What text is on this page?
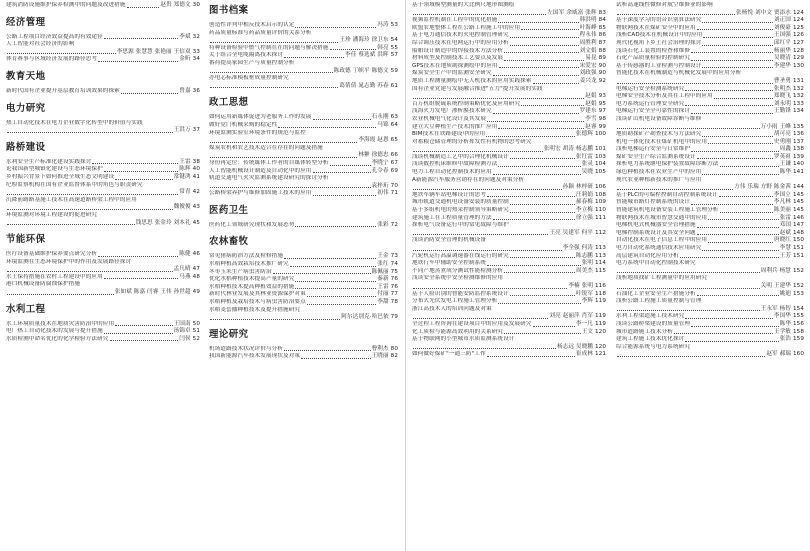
建筑消防设施维护保养检测中的问题及改进措施	赵贵 郑德文 30
经济管理
公路工程项目经济效益提高的有效途径	李斌 32
人工智能对社会经济的影响
李思源 张慧慧 张艳丽 王信双 33
体育赛事与区域经济发展的路径思考	金昕 34
教育天地
新时代国有企业提升基层教育培训效果的探索	曾嘉 36
电力研究
热工自动化技术在电力企业数字化转型中的价值与实践
王洪万 37
路桥建设
水利安全生产标准化建设实践探讨	王雷 38
论我国新型城镇化建设与生态环境保护	陈辉 40
乡村振兴背景下如何推进全域生态文明建设	常键鸿 41
纪检监察机构在国有企业监督体系中的角色与职责研究
常青 42
沉降前路路基施工技术在高速道路桥梁工程中的应用
魏俊俊 43
环境监测对环境工程建设的促进研究
钱思思 张金玲 刘本礼 45
节能环保
医疗设备基础维护保养要点研究分析	陈健 46
环境监测在生态环境保护中的作用及发展路径探讨
孟凡晴 47
水土保持措施在农村工程建设中的应用	马燕 48
港口机械设备防腐蚀保护措施
张如斌 陈嘉 闫睿 王伟 孙世超 49
水利工程
水工环境质量技术在地质灾害防治中的应用	王国南 50
电厂热工自动化技术的发展与提升措施	汤锦卓 51
水质检测中命名优化的化学检验方法研究	闫侯 52
图书档案
创造性评判中相反技术启示的认定	冯涛 53
药品质量标准与药品质量评价的关系分析
王珍 潘海玲 徐卫东 54
特种设备检验中燃气控制在在的问题与解决措施	韩亮 55
关于组合全电缆隔离技术探讨	李佳 蔡选斌 洪晖 57
番荷提高家园生产与质量控制分析
陈政德 丁帜平 陈德文 59
办电芯标准模板框成量控制研究
葛倩倩 晁志勤 苏春 61
政工思想
如何运用新媒体促进为老服务工作的发展	石永刚 63
做好党门机械采购的稳定性	马锦 64
环境监测实验室环境条件的规范与监控
李海霞 赵恩 65
煤炭农机和农艺技术适合在存在的问题及措施
林翀 徐德忠 66
身份再定位：传统媒体工作者的自媒体转型分析	李晓宁 67
人工智能机械设计制造及自动化中的应用	孔令春 69
轨道交通电气火灾监测系统建设研究的探讨分析
袁梓珩 70
公路桥梁养护与维修加固施工技术的应用	初伟 71
医药卫生
医药化工领域研究现状和发展态势	张彩 72
农林畜牧
常见猪病防治方法及检修措施	王金 73
水稻种植高效栽培技术推广研究	张红 74
冬枣玉米生产病虫害防治	陈佩丽 75
优化水稻种植技术提高产量的研究	秦新 76
水稻种植技术提高种植效益的措施	王雷 76
新时代林业发展及其林业资源保护对策	付丽 77
水稻种植及栽培技术与病虫害防治要点	李甜 78
水稻麦套播种植技术及提升措施研究
阿尔达别克·哈巴依 79
理论研究
机场道路技术状况评价与分析	曹利杰 80
我国新能源汽车技术发展现状及对策	王晓丽 82
基于领域模型测量的大比例尺地形图测绘
左国军 余威富 张辉 83
视频监控机制在工程中的优化措施	韩洪明 84
欧盟农地整体工程在公路工程施工中的应用	叶海峰 85
基于电力通信技术的火电控制管理研究	程永伟 86
综合调压技术在电网运行中的应用分析	周胜利 87
船舶设计制造中的焊接技术方法分析	刘文娟 88
材料成型及控制技术工艺要点及发展	易昆 89
GPS技术在地质勘探测绘中的应用	宋爱宏 90
煤炭安全生产中的监测安全研究	刘政强 90
地质工程测量测绘中无人机技术的应用实践探索	姜兴龙 92
国有企业党建与发展融合推进"五力"提升发展的实践
赵娟 93
百万机组脱硫系统控制策略优化及应用研究	赵娟 95
浅海火力发电厂渗析膜技术研究	罗建东 97
农业机械电气化设计及其发展	李雪 98
建立大豆种植生产技术的推广应用	赵睿 99
BIM技术在铁路建设中的应用	张德辉 100
对蓄粮仓储管理的分析挥发性有机物的思考研究
张明宏 胡涛 杨志鹏 101
浅谈机械制造工艺中的合理化机械设计	张红雷 103
浅谈数控机床维修中故障检测方法	张灵 104
电力工程自动化控制技术的应用	吴晓 105
A新能源汽车服务营销存在的问题及对策分析
孙颖 林梓研 106
地铁车辆车站电梯设计的思考	汪莉娟 108
城市轨道交通机电设备安装的质量控制	郝春梅 109
基于多组机电的热采控制领导策略研究	李立梅 110
建筑施工在工程质量管理的方法	徐立强 111
探析电气设备运行中的常见故障与维护
王亮 吴建军 何平 112
浅谈消防安全管理的机械设备
李全强 何涛 113
汽轮机运行高温调速器在线运行的研究	陈志鹏 113
地铁行车中辅助安全控制系统	张明 114
不同产地蒸煮成分测试性能检测分析	周美杰 115
浅谈安全系统中安全检测维修的应用
李楠 张明 116
基于人脸识别的智能安防监控系统设计	叶锐军 118
分布式光伏发电工程施工管理分析	李辉 119
浙江高技术人的培训问题及对策
刘亮 赵丽萍 肖军 119
全过程工程咨询在建设项目中的应用及发展研究	李一凡 119
化工质检与能源高效利用的关系研究	王文 120
基于物联网的小型城市水质监测系统设计
杨志远 吴晓鹏 120
如何做好煤矿"一通三防"工作	崔成林 121
试析高速线性微修对航空维修业的影响
张杨悦 刘中文 贾添水 124
基于深度学习的语音识别算法研究	刘正国 124
物联网技术在煤矿安全中的应用	刘俊豪 125
浅析CAD技术在机械设计中的应用	王国强 126
现代化视角下乡土社会治理的探讨	邱红平 127
浅谈石化工装置的检查和维修	杨丽华 128
石化产品质量检验的控制研究	吴晓清 129
基于传感器的工业检测与控制设计	李建华 130
智能化技术在机械制造与机械化发展中的应用分析
曹圣勇 131
电梯运行安全检测系统研究	张明杰 132
电梯安全技术分析及其在工程中的应用	郑晓飞 132
电力系统运行管理安全研究	刘永明 133
电梯运行安全全可靠性的探讨	王勤锋 134
浅谈矿山机电设备故障诊断与维修
万小雨 王峰 135
地质勘探矿产勘查技术与方法研究	胡可亮 136
机电一体化技术在煤矿机电中的应用	史勇刚 137
浅析电梯运行安全与日常维护	周鑫 138
煤矿安全生产综合监测系统设计	罗英祖 139
探析电力系统继电保护装置故障诊断方法	王谦 140
绿色种植技术在农业生产中的应用	陈华 141
现代农业种植新技术的推广与应用
方伟 乐瑞 方野 陈金茜 144
基于PLC的可编程控制自动控制系统设计	李国立 145
智能城市路灯控制系统的设计	李凡林 145
智能建筑机电设备安装工程施工管理分析	陈美丽 145
物联网技术在城市智慧交通中的应用	张雷 146
电梯机电式机械器安全管理措施	邓国 147
电梯控制系统设计及其安全问题	赵斌 148
自动化技术在电子信息工程中的应用	唐晓红 150
电力自动化系统通信技术应用研究	李慧 151
高层建筑自动化应用分析	王芳 151
电力系统中自动化控制技术研究
周利兵 杨慧 152
浅析地质找矿工程测量中的应用研究
关明 王建华 152
石油化工企业安全生产措施分析	姚迪 153
浅析公路工程施工质量控制与管理
王永军 杨智 154
水利工程渠道施工技术研究	李国华 155
浅谈公路桥梁建设的质量管理	陈华 156
城市道路施工技术分析	王学敏 158
建筑工程施工技术优化探讨	张浩 159
综合能源系统与电力系统研究
赵军 郝瑞 160
